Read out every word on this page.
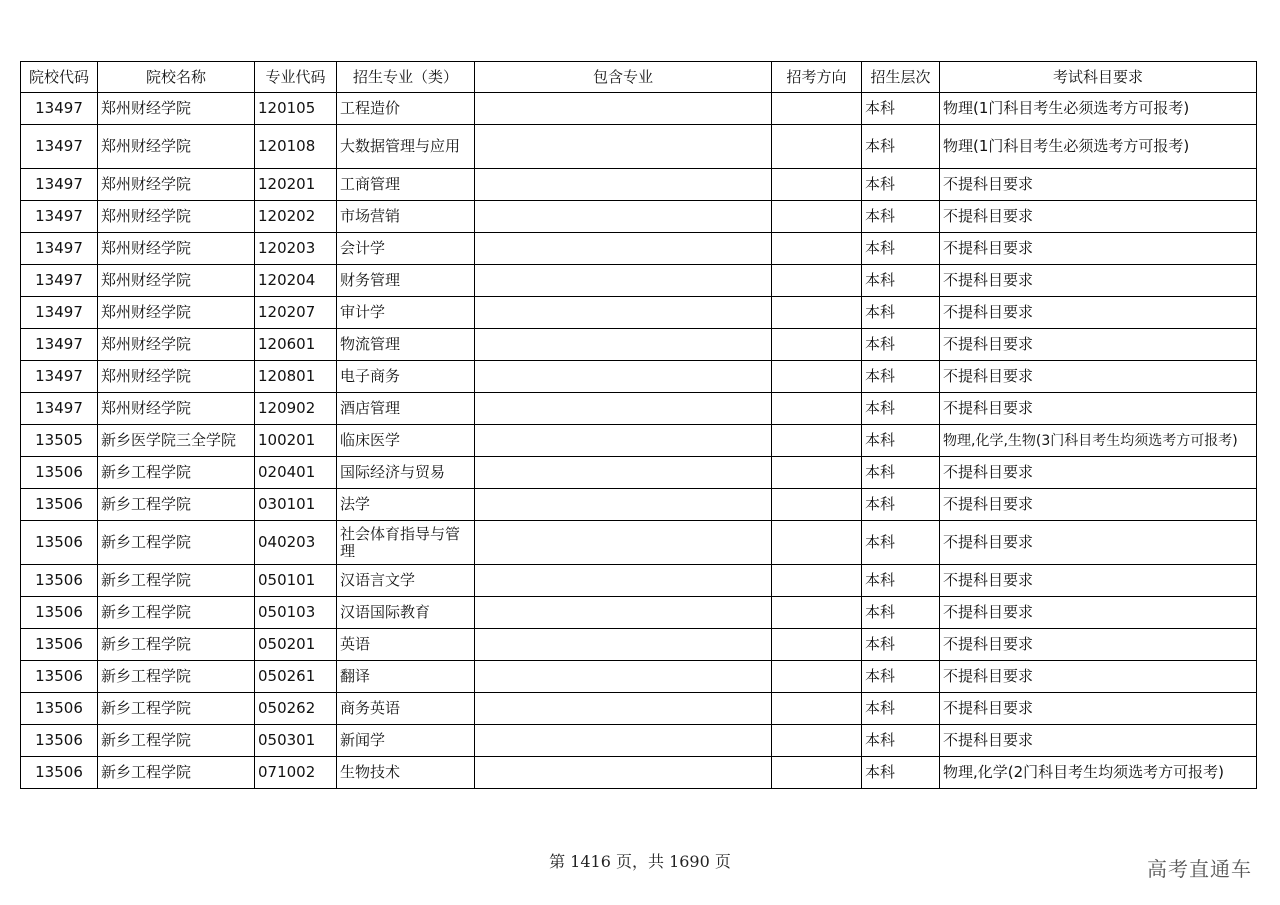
院校代码	院校名称	专业代码	招生专业（类）	包含专业	招考方向	招生层次	考试科目要求
13497	郑州财经学院	120105	工程造价			本科	物理(1门科目考生必须选考方可报考)
13497	郑州财经学院	120108	大数据管理与应用			本科	物理(1门科目考生必须选考方可报考)
13497	郑州财经学院	120201	工商管理			本科	不提科目要求
13497	郑州财经学院	120202	市场营销			本科	不提科目要求
13497	郑州财经学院	120203	会计学			本科	不提科目要求
13497	郑州财经学院	120204	财务管理			本科	不提科目要求
13497	郑州财经学院	120207	审计学			本科	不提科目要求
13497	郑州财经学院	120601	物流管理			本科	不提科目要求
13497	郑州财经学院	120801	电子商务			本科	不提科目要求
13497	郑州财经学院	120902	酒店管理			本科	不提科目要求
13505	新乡医学院三全学院	100201	临床医学			本科	物理,化学,生物(3门科目考生均须选考方可报考)
13506	新乡工程学院	020401	国际经济与贸易			本科	不提科目要求
13506	新乡工程学院	030101	法学			本科	不提科目要求
13506	新乡工程学院	040203	社会体育指导与管理			本科	不提科目要求
13506	新乡工程学院	050101	汉语言文学			本科	不提科目要求
13506	新乡工程学院	050103	汉语国际教育			本科	不提科目要求
13506	新乡工程学院	050201	英语			本科	不提科目要求
13506	新乡工程学院	050261	翻译			本科	不提科目要求
13506	新乡工程学院	050262	商务英语			本科	不提科目要求
13506	新乡工程学院	050301	新闻学			本科	不提科目要求
13506	新乡工程学院	071002	生物技术			本科	物理,化学(2门科目考生均须选考方可报考)
第 1416 页，共 1690 页	高考直通车
